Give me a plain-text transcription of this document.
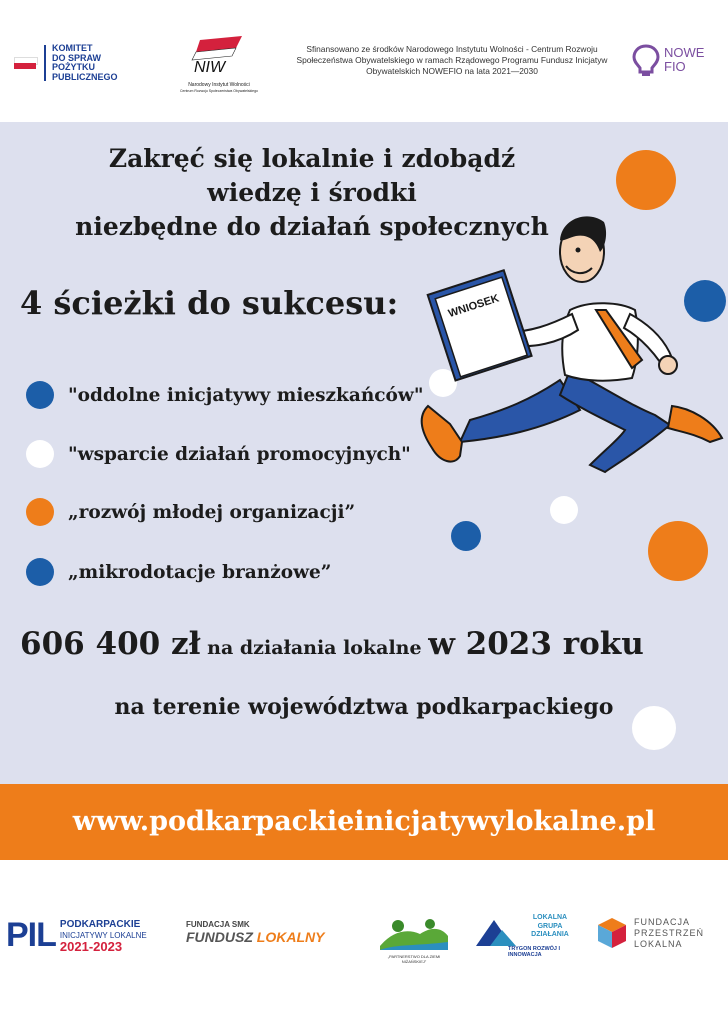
KOMITET
DO SPRAW
POŻYTKU
PUBLICZNEGO
NIW
Narodowy Instytut Wolności
Centrum Rozwoju Społeczeństwa Obywatelskiego
Sfinansowano ze środków Narodowego Instytutu Wolności - Centrum Rozwoju Społeczeństwa Obywatelskiego w ramach Rządowego Programu Fundusz Inicjatyw Obywatelskich NOWEFIO na lata 2021—2030
NOWE
FIO
Zakręć się lokalnie i zdobądź
wiedzę i środki
niezbędne do działań społecznych
4 ścieżki do sukcesu:
"oddolne inicjatywy mieszkańców"
"wsparcie działań promocyjnych"
„rozwój młodej organizacji”
„mikrodotacje branżowe”
WNIOSEK
606 400 zł na działania lokalne w 2023 roku
na terenie województwa podkarpackiego
www.podkarpackieinicjatywylokalne.pl
PIL PODKARPACKIE
INICJATYWY LOKALNE
2021-2023
FUNDACJA SMK
FUNDUSZ LOKALNY
„PARTNERSTWO DLA ZIEMI NIŻAŃSKIEJ”
LOKALNA
GRUPA
DZIAŁANIA
TRYGON ROZWÓJ I INNOWACJA
FUNDACJA
PRZESTRZEŃ
LOKALNA
